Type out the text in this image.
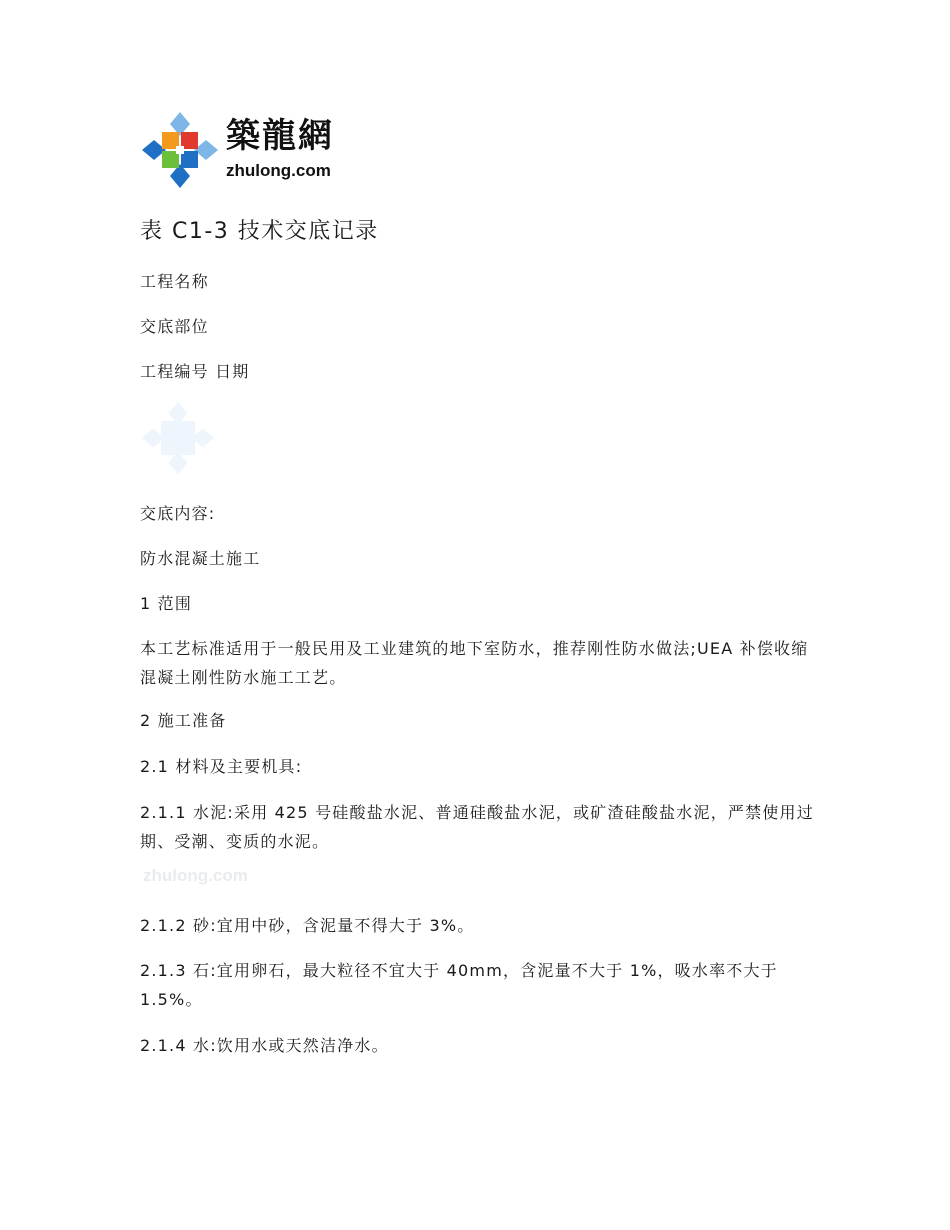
築龍網
zhulong.com
表 C1-3 技术交底记录
工程名称
交底部位
工程编号 日期
交底内容:
防水混凝土施工
1 范围
本工艺标准适用于一般民用及工业建筑的地下室防水，推荐刚性防水做法;UEA 补偿收缩混凝土刚性防水施工工艺。
2 施工准备
2.1 材料及主要机具:
2.1.1 水泥:采用 425 号硅酸盐水泥、普通硅酸盐水泥，或矿渣硅酸盐水泥，严禁使用过期、受潮、变质的水泥。
zhulong.com
2.1.2 砂:宜用中砂，含泥量不得大于 3%。
2.1.3 石:宜用卵石，最大粒径不宜大于 40mm，含泥量不大于 1%，吸水率不大于 1.5%。
2.1.4 水:饮用水或天然洁净水。
